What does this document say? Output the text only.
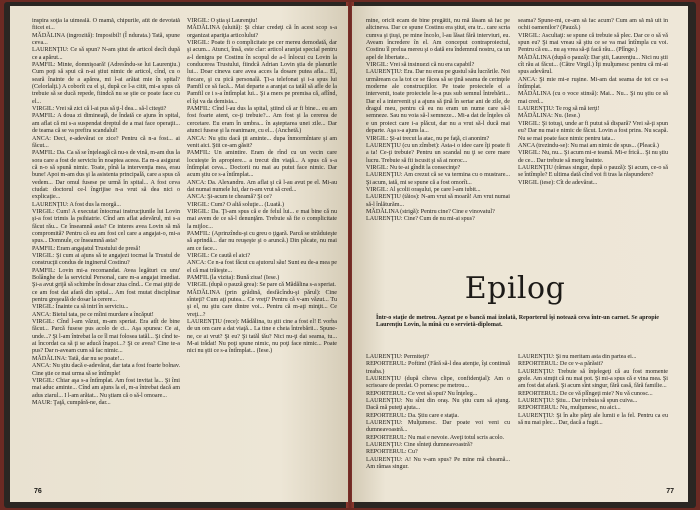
inspira soţia la uimeală. O mamă, chipurile, atît de devotată fiicei ei...

MĂDĂLINA (ingrozită): Imposibil! (Î ndurata.) Tată, spune ceva...

LAURENŢIU: Ce să spun? N-am ştiut de articol decît după ce a apărut...

PAMFIL: Minte, domnişoară! (Adresîndu-se lui Laurenţiu.) Cum poţi să spui că n-ai ştiut nimic de articol, cînd, cu o seară înainte de a apărea, mi l-ai arătat mie în spital? (Celorlalţi.) A coborît cu el şi, după ce l-a citit, mi-a spus că trebuie să se ducă repede, fiindcă nu se ştie ce poate face cu el...

VIRGIL: Vrei să zici că l-ai pus să ţi-l dea... să-l citeşti?

PAMFIL: A doua zi dimineaţă, de îndată ce ajuns în spital, am aflat că mi s-a suspendat dreptul de a mai face operaţii... de teama că se va prefira scandalul!

ANCA: Deci, e-adevărat ce zice? Pentru că n-a fost... ai făcut...

PAMFIL: Da. Ca să se înţeleagă că nu-s de vină, m-am dus la sora care a fost de serviciu în noaptea aceea. Ea m-a asigurat că n-o să spună nimic. Toate, pînă la intervenţia mea, erau bune! Apoi m-am dus şi la asistenta principală, care a spus că vedem... Dar omul fusese pe urmă în spital... A fost ceva ciudat: doctorul ce-l îngrijise n-a vrut să dea nici o explicaţie...

LAURENŢIU: A fost dus la morgă...

VIRGIL: Cum! A executat întocmai instrucţiunile lui Lovin şi-a fost trimis la psihiatrie. Cînd am aflat adevărul, mi s-a făcut rău... Ce înseamnă asta? Ce interes avea Lovin să mă compromită? Pentru că eu am fost cel care a angajat-o, mi-a spus... Domnule, ce înseamnă asta?

PAMFIL: Eram angajatul Trustului de presă!

VIRGIL: Şi cum ai ajuns să te angajezi tocmai la Trustul de construcţii condus de inginerul Costinu?

PAMFIL: Lovin mi-a recomandat. Avea legături cu unu' Bolânghe de la serviciul Personal, care m-a angajat imediat. Şi-a avut grijă să schimbe în dosar ziua cînd... Ce mai ştiţi de ce am fost dat afară din spital... Am fost mutat disciplinar pentru greşeală de dosar la cerere...

VIRGIL: Înainte ca să intri în serviciu...

ANCA: Bietul tata, pe ce mîini murdare a încăput!

VIRGIL: Cînd l-am văzut, m-am speriat. Era atît de bine făcut... Parcă fusese pus acolo de ci... Aşa spunea: Ce ai, unde...? Şi l-am întrebat la ce îl mai folosea tatăl... Şi cînd te-ai încordat ca să ţi se aducă înapoi...? Şi ce avea? Cine te-a pus? Dar n-aveam cum să fac nimic...

MĂDĂLINA: Tată, dar nu se poate!...

ANCA: Nu ştiu dacă e-adevărat, dar tata a fost foarte bolnav. Cine ştie ce mai urma să se întîmple!

VIRGIL: Chiar aşa s-a întîmplat. Am fost invitat la... Şi îmi mai aduc aminte... Cînd am ajuns la el, m-a întrebat dacă am adus ziarul... I l-am arătat... Nu ştiam că o să-l omoare...

MAUR: Ţaţă, cumpără-ne, dar...

VIRGIL: O ştia şi Laurenţiu!

MĂDĂLINA (uluită): Şi chiar credeţi că în acest scop s-a organizat apariţia articolului?

VIRGIL: Poate fi o complicitate pe cer mereu demodată, dar şi acum... Atunci, însă, este clar: articol aranjat special pentru a-l denigra pe Costinu în scopul de a-l înlocui cu Lovin la conducerea Trustului, fiindcă Adrian Lovin ştia de planurile lui... Doar cineva care avea acces la dosare putea afla... El, fiecare, şi cu pică personală. Ţi-a telefonat şi i-a spus lui Pamfil ce să facă... Mai departe a aranjat ca tatăl să afle de la Pamfil ce i s-a întîmplat lui... Şi a mers pe premisa că, aflînd, el îşi va da demisia...

PAMFIL: Cînd l-au dus la spital, ştiind că ar fi bine... eu am fost foarte atent, ce-ţi trebuie?... Am fost şi la cererea de cercetare. Eu eram în umbra... în aşteptarea unei zile... Dar atunci fusese şi la reanimare, cu el... (Anchetă.)

ANCA: Nu ştiu dacă ţii aminte... dupa înmormîntare şi am venit aici. Ştii ce-am găsit?

PAMFIL: Un amintire. Eram de rînd cu un vecin care locuieşte în apropiere... a trecut din viaţă... A spus că s-a întîmplat ceva... Doctorii nu mai au putut face nimic. Dar acum ştiu ce s-a întîmplat...

ANCA: Da. Alexandru. Am aflat şi că l-au avut pe el. Mi-au dat numai numele lui, dar n-am vrut să cred...

ANCA: Şi-acum te cheamă? Şi ce?

VIRGIL: Cum? O altă soluţie... (Luată.)

VIRGIL: Da. Ţi-am spus că e de felul lui... e mai bine că nu mai avem de ce să-l denunţăm. Trebuie să fie o complicitate la mijloc...

PAMFIL: (Aprinzîndu-şi cu greu o ţigară. Parcă se străduieşte să aprindă... dar nu reuşeşte şi o aruncă.) Din păcate, nu mai am ce face...

VIRGIL: Ce caută el aici?

ANCA: Ce n-a fost făcut cu ajutorul său! Sunt eu de-a mea pe el că mai trăieşte...

PAMFIL (la vizita): Bună ziua! (Iese.)

VIRGIL (după o pauză grea): Se pare că Mădălina s-a speriat.

MĂDĂLINA (prin grădină, desfăcîndu-şi părul): Cine sînteţi? Cum aţi putea... Ce vreţi? Pentru că v-am văzut... Tu şi el, nu ştiu care dintre voi... Pentru că m-aţi minţit... Ce vreţi...?

LAURENŢIU (rece): Mădălina, tu ştii cine a fost el! E vorba de un om care a dat viaţă... La tine e cheia întrebării... Spune-ne, ce ai vrut? Şi eu? Şi tatăl tău? Nici nu-ţi dai seama, tu... M-ai trădat! Nu poţi spune nimic, nu poţi face nimic... Poate nici nu ştii ce s-a întîmplat... (Iese.)

76

mine, oricît ecam de bine pregătit, nu mă lăsam să fac pe altcineva. Dar ce spune Costinu era ştiut, era tr... care scria cumva şi ţiuşi, pe mine încolo, l-au lăsat fără interviuri, eu. Aveam încredere în el. Am conceput contraproiectul, Costinu îl prelua mereu şi o dată era îndemnul nostru, ca un apel de libertate...

VIRGIL: Vrei să insinuezi că nu era capabil?

LAURENŢIU: Era. Dar nu erau pe gustul său lucrările. Noi urmăream ca la tot ce se făcea să se ţină seama de cerinţele moderne ale construcţiilor. Pe toate proiectele el a intervenit, toate proiectele le-a pus sub semnul întrebării... Dar el a intervenit şi a ajuns să ţină în sertar ani de zile, de dragul meu, pentru că eu nu eram un nume care să-l semneze. Sau nu voia să-l semneze... Mi-a dat de înţeles că e un proiect care i-a plăcut, dar nu a vrut să-l ducă mai departe. Aşa s-a ajuns la...

VIRGIL: Şi-ai trecut la atac, nu pe faţă, ci anonim?

LAURENŢIU (cu un zîmbet): Asta-i o idee care îţi poate fi a ta! Ce-ţi trebuie? Pentru un scandal nu ţi se cere mare lucru. Trebuie să fii iscusit şi să ai noroc...

VIRGIL: Nu te-ai gîndit la consecinţe?

LAURENŢIU: Am crezut că se va termina cu o mustrare... Şi acum, iată, mi se spune că a fost omorît...

VIRGIL: Al şcolii oraşului, pe care l-am iubit...

LAURENŢIU (tăios): N-am vrut să moară! Am vrut numai să-l înlăturăm...

MĂDĂLINA (strigă): Pentru cine? Cine e vinovatul?

LAURENŢIU: Cine? Cum de nu mi-ai spus?

seama? Spune-mi, ce-am să fac acum? Cum am să mă uit în ochii oamenilor? (Pauză.)

VIRGIL: Ascultaţi: se spune că trebuie să plec. Dar ce o să vă spun eu? Şi mai vreau să ştiu ce se va mai întîmpla cu voi. Pentru că eu... nu aş vrea să-ţi facă rău... (Plînge.)

MĂDĂLINA (după o pauză): Dar ştii, Laurenţiu... Nici nu ştii cît rău ai făcut... (Către Virgil.) Îţi mulţumesc pentru că mi-ai spus adevărul.

ANCA: Şi mie mi-e ruşine. Mi-am dat seama de tot ce s-a întîmplat.

MĂDĂLINA (cu o voce stinsă): Mai... Nu... Şi nu ştiu ce să mai cred...

LAURENŢIU: Te rog să mă ierţi!

MĂDĂLINA: Nu. (Iese.)

VIRGIL: Şi totuşi, unde ar fi putut să dispară? Vrei să-ţi spun eu? Dar nu mai e nimic de făcut. Lovin a fost prins. Nu scapă. Nu se mai poate face nimic pentru tata...

ANCA (trezindu-se): Nu mai am nimic de spus... (Pleacă.)

VIRGIL: Nu, nu... Şi acum mi-e teamă. Mi-e frică... Şi nu ştiu de ce... Dar trebuie să merg înainte.

LAURENŢIU (rămas singur, după o pauză): Şi acum, ce-o să se întîmple? E ultima dată cînd voi fi tras la răspundere?

VIRGIL (iese): Cît de adevărat...

Epilog
Într-o staţie de metrou. Aşezat pe o bancă mai izolată, Reporterul îşi notează ceva într-un carnet. Se apropie Laurenţiu Lovin, la mînă cu o servietă-diplomat.

LAURENŢIU: Permiteţi?

REPORTERUL: Poftim! (Fără să-l dea atenţie, îşi continuă treaba.)

LAURENŢIU (după cîteva clipe, confidenţial): Am o scrisoare de predat. O pornesc pe metrou...

REPORTERUL: Ce vrei să spui? Nu înţeleg...

LAURENŢIU: Nu sînt din oraş. Nu ştiu cum să ajung. Dacă mă puteţi ajuta...

REPORTERUL: Da. Ştiu care e staţia.

LAURENŢIU: Mulţumesc. Dar poate voi veni cu dumneavoastră...

REPORTERUL: Nu mai e nevoie. Aveţi totul scris acolo.

LAURENŢIU: Cine sînteţi dumneavoastră?

REPORTERUL: Cu?

LAURENŢIU: A! Nu v-am spus? Pe mine mă cheamă... Am rămas singur.

LAURENŢIU: Şi nu meritam asta din partea ei...

REPORTERUL: De ce v-a părăsit?

LAURENŢIU: Trebuie să înţelegeţi că au fost momente grele. Am simţit că nu mai pot. Şi mi-a spus că e vina mea. Şi am fost dat afară. Şi acum sînt singur, fără casă, fără familie...

REPORTERUL: De ce vă plîngeţi mie? Nu vă cunosc...

LAURENŢIU: Ştiu... Dar trebuia să spun cuiva...

REPORTERUL: Nu, mulţumesc, nu aici...

LAURENŢIU: Şi în alte părţi ale lumii e la fel. Pentru ca eu să nu mai plec... Dar, dacă a fugit...

77
